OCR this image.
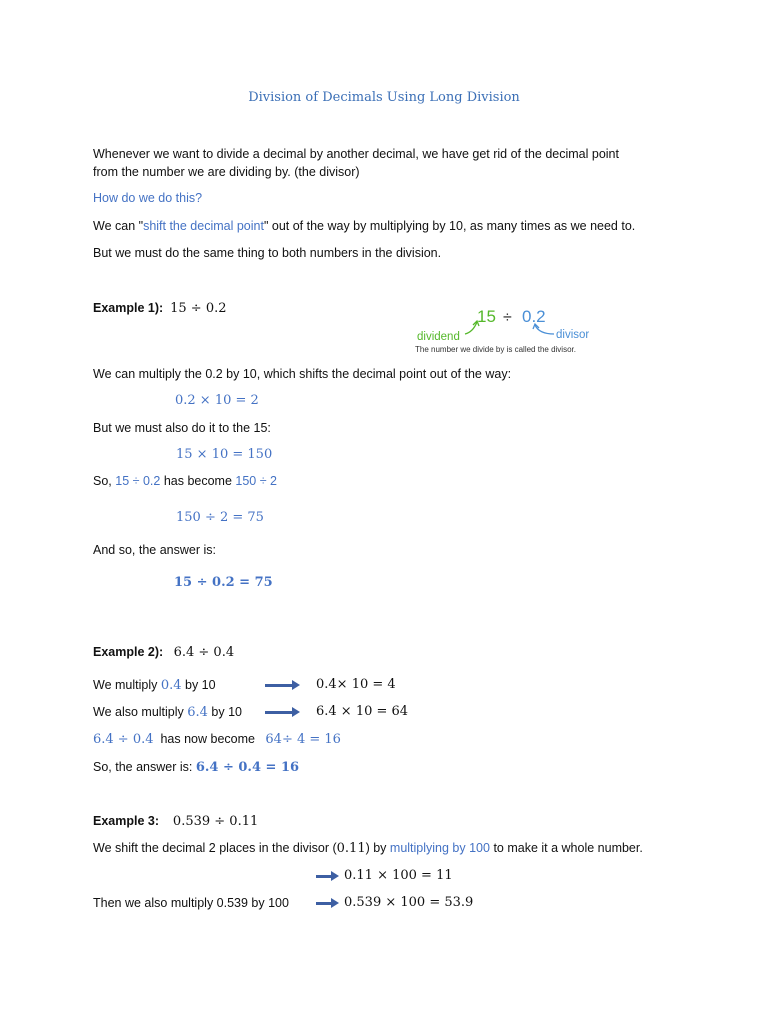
Division of Decimals Using Long Division
Whenever we want to divide a decimal by another decimal, we have get rid of the decimal point
from the number we are dividing by. (the divisor)
How do we do this?
We can "shift the decimal point" out of the way by multiplying by 10, as many times as we need to.
But we must do the same thing to both numbers in the division.
Example 1): 15 ÷ 0.2	15 ÷ 0.2
dividend	divisor
The number we divide by is called the divisor.
We can multiply the 0.2 by 10, which shifts the decimal point out of the way:
0.2 × 10 = 2
But we must also do it to the 15:
15 × 10 = 150
So, 15 ÷ 0.2 has become 150 ÷ 2
150 ÷ 2 = 75
And so, the answer is:
15 ÷ 0.2 = 75
Example 2): 6.4 ÷ 0.4
We multiply 0.4 by 10	0.4× 10 = 4
We also multiply 6.4 by 10	6.4 × 10 = 64
6.4 ÷ 0.4 has now become 64÷ 4 = 16
So, the answer is: 6.4 ÷ 0.4 = 16
Example 3: 0.539 ÷ 0.11
We shift the decimal 2 places in the divisor (0.11) by multiplying by 100 to make it a whole number.
0.11 × 100 = 11
Then we also multiply 0.539 by 100	0.539 × 100 = 53.9
